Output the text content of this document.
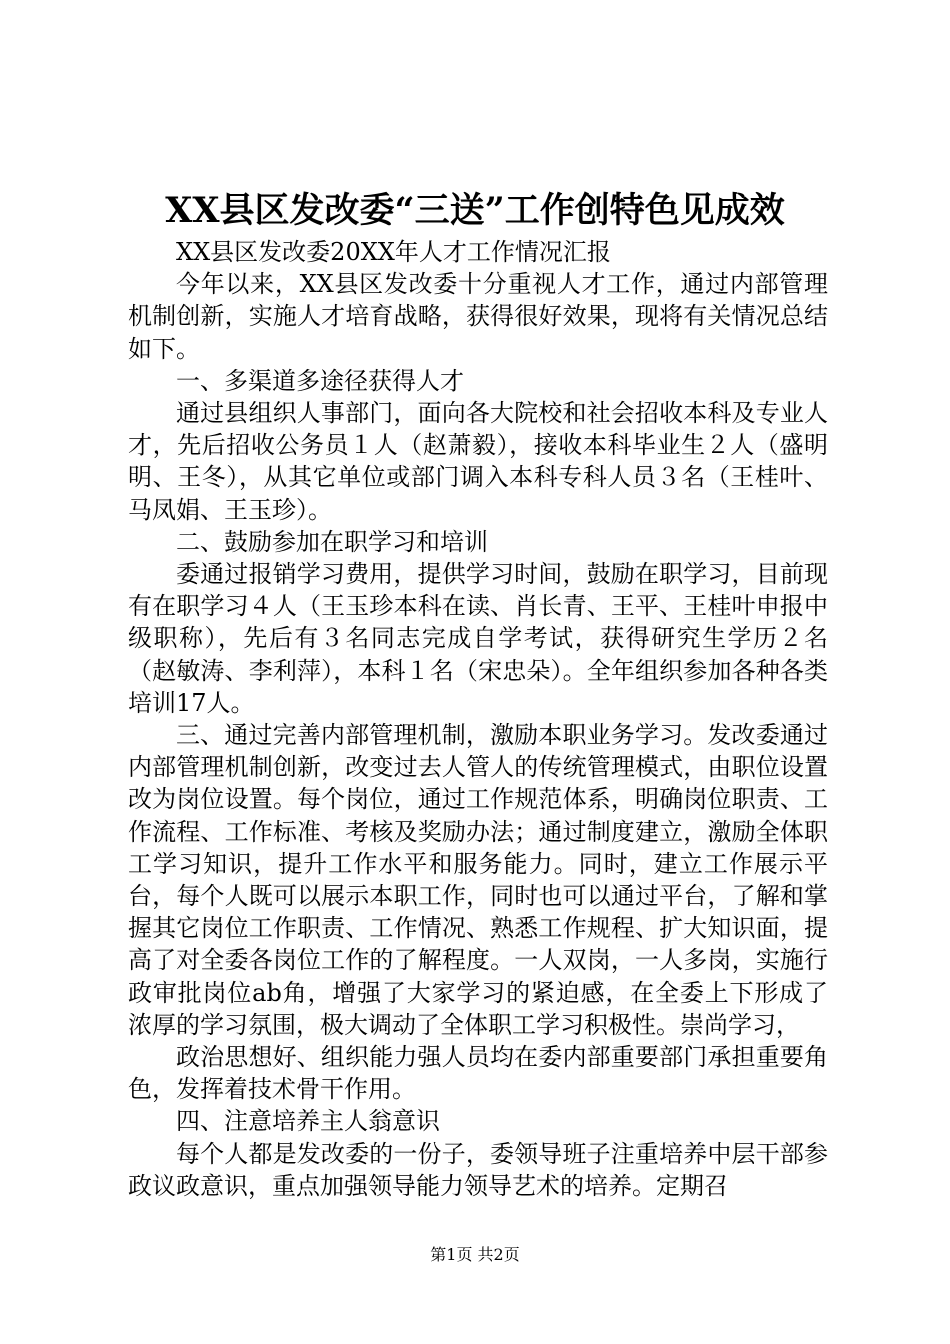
XX县区发改委“三送”工作创特色见成效

XX县区发改委20XX年人才工作情况汇报

今年以来，XX县区发改委十分重视人才工作，通过内部管理机制创新，实施人才培育战略，获得很好效果，现将有关情况总结如下。

一、多渠道多途径获得人才

通过县组织人事部门，面向各大院校和社会招收本科及专业人才，先后招收公务员１人（赵萧毅），接收本科毕业生２人（盛明明、王冬），从其它单位或部门调入本科专科人员３名（王桂叶、马凤娟、王玉珍）。

二、鼓励参加在职学习和培训

委通过报销学习费用，提供学习时间，鼓励在职学习，目前现有在职学习４人（王玉珍本科在读、肖长青、王平、王桂叶申报中级职称），先后有３名同志完成自学考试，获得研究生学历２名（赵敏涛、李利萍），本科１名（宋忠朵）。全年组织参加各种各类培训17人。

三、通过完善内部管理机制，激励本职业务学习。发改委通过内部管理机制创新，改变过去人管人的传统管理模式，由职位设置改为岗位设置。每个岗位，通过工作规范体系，明确岗位职责、工作流程、工作标准、考核及奖励办法；通过制度建立，激励全体职工学习知识，提升工作水平和服务能力。同时，建立工作展示平台，每个人既可以展示本职工作，同时也可以通过平台，了解和掌握其它岗位工作职责、工作情况、熟悉工作规程、扩大知识面，提高了对全委各岗位工作的了解程度。一人双岗，一人多岗，实施行政审批岗位ab角，增强了大家学习的紧迫感，在全委上下形成了浓厚的学习氛围，极大调动了全体职工学习积极性。崇尚学习，

政治思想好、组织能力强人员均在委内部重要部门承担重要角色，发挥着技术骨干作用。

四、注意培养主人翁意识

每个人都是发改委的一份子，委领导班子注重培养中层干部参政议政意识，重点加强领导能力领导艺术的培养。定期召

第1页 共2页
